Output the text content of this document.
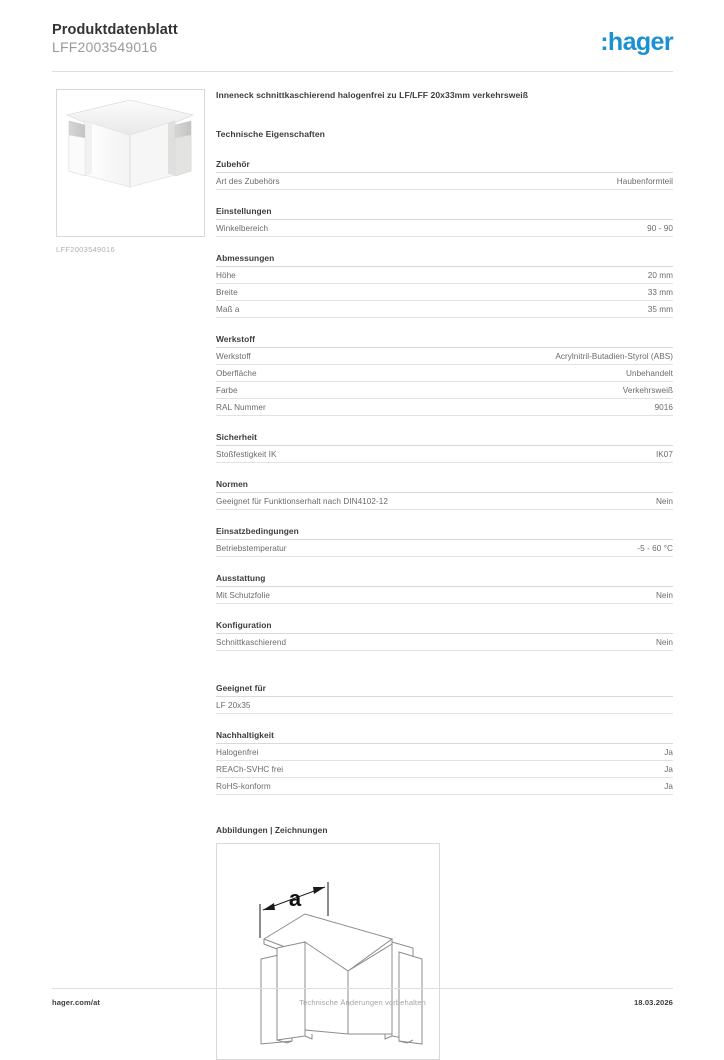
Produktdatenblatt
LFF2003549016	:hager
LFF2003549016
Inneneck schnittkaschierend halogenfrei zu LF/LFF 20x33mm verkehrsweiß
Technische Eigenschaften
Zubehör
Art des Zubehörs	Haubenformteil
Einstellungen
Winkelbereich	90 - 90
Abmessungen
Höhe	20 mm
Breite	33 mm
Maß a	35 mm
Werkstoff
Werkstoff	Acrylnitril-Butadien-Styrol (ABS)
Oberfläche	Unbehandelt
Farbe	Verkehrsweiß
RAL Nummer	9016
Sicherheit
Stoßfestigkeit IK	IK07
Normen
Geeignet für Funktionserhalt nach DIN4102-12	Nein
Einsatzbedingungen
Betriebstemperatur	-5 - 60 °C
Ausstattung
Mit Schutzfolie	Nein
Konfiguration
Schnittkaschierend	Nein
Geeignet für
LF 20x35
Nachhaltigkeit
Halogenfrei	Ja
REACh-SVHC frei	Ja
RoHS-konform	Ja
Abbildungen | Zeichnungen
a
hager.com/at	Technische Änderungen vorbehalten	18.03.2026
